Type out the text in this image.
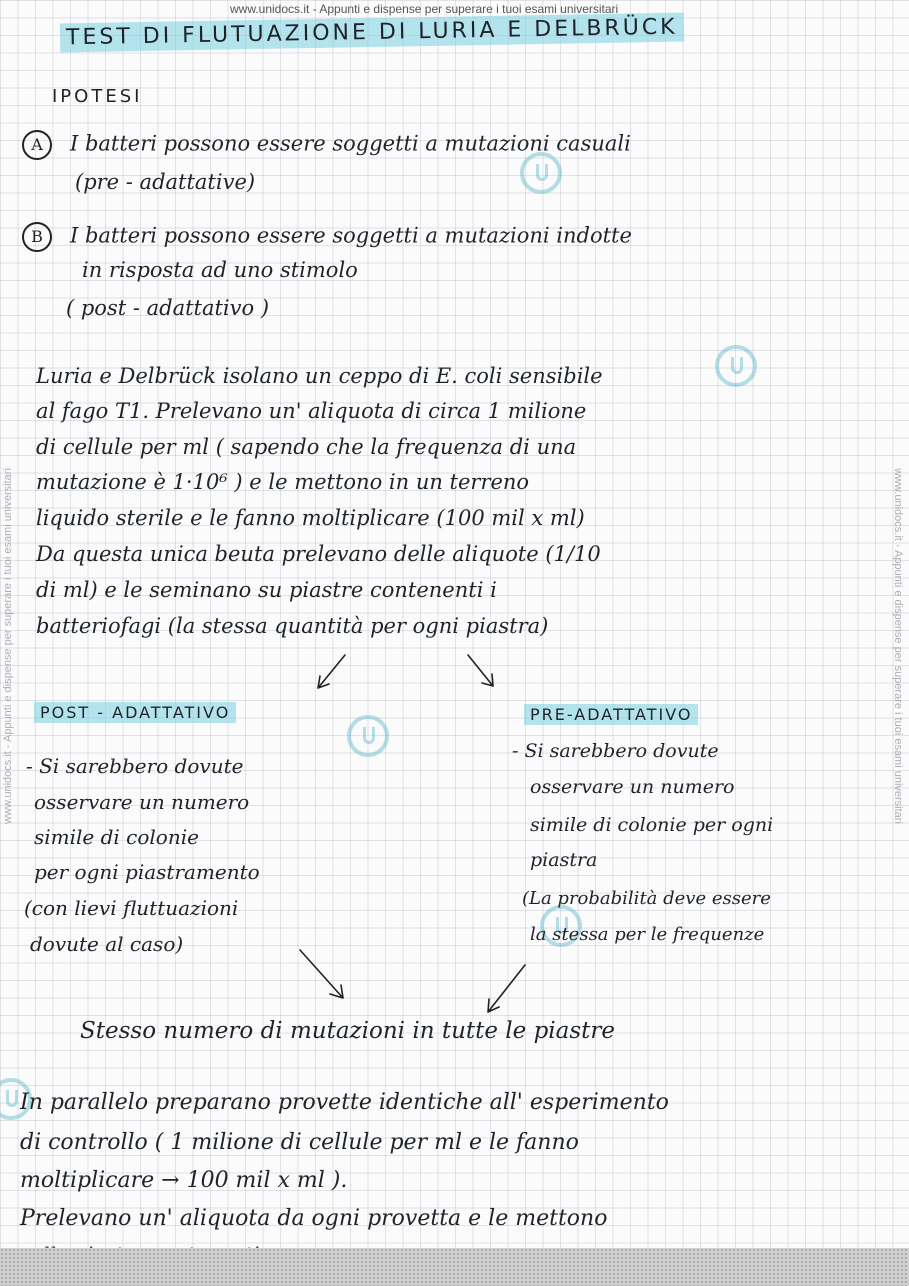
www.unidocs.it - Appunti e dispense per superare i tuoi esami universitari
www.unidocs.it - Appunti e dispense per superare i tuoi esami universitari	www.unidocs.it - Appunti e dispense per superare i tuoi esami universitari
TEST DI FLUTUAZIONE DI LURIA E DELBRÜCK
IPOTESI
A I batteri possono essere soggetti a mutazioni casuali
(pre - adattative)
B I batteri possono essere soggetti a mutazioni indotte
in risposta ad uno stimolo
( post - adattativo )
Luria e Delbrück isolano un ceppo di E. coli sensibile
al fago T1. Prelevano un' aliquota di circa 1 milione
di cellule per ml ( sapendo che la frequenza di una
mutazione è 1·10⁶ ) e le mettono in un terreno
liquido sterile e le fanno moltiplicare (100 mil x ml)
Da questa unica beuta prelevano delle aliquote (1/10
di ml) e le seminano su piastre contenenti i
batteriofagi (la stessa quantità per ogni piastra)
POST - ADATTATIVO
- Si sarebbero dovute
osservare un numero
simile di colonie
per ogni piastramento
(con lievi fluttuazioni
dovute al caso)
PRE-ADATTATIVO
- Si sarebbero dovute
osservare un numero
simile di colonie per ogni
piastra
(La probabilità deve essere
la stessa per le frequenze
Stesso numero di mutazioni in tutte le piastre
In parallelo preparano provette identiche all' esperimento
di controllo ( 1 milione di cellule per ml e le fanno
moltiplicare → 100 mil x ml ).
Prelevano un' aliquota da ogni provetta e le mettono
